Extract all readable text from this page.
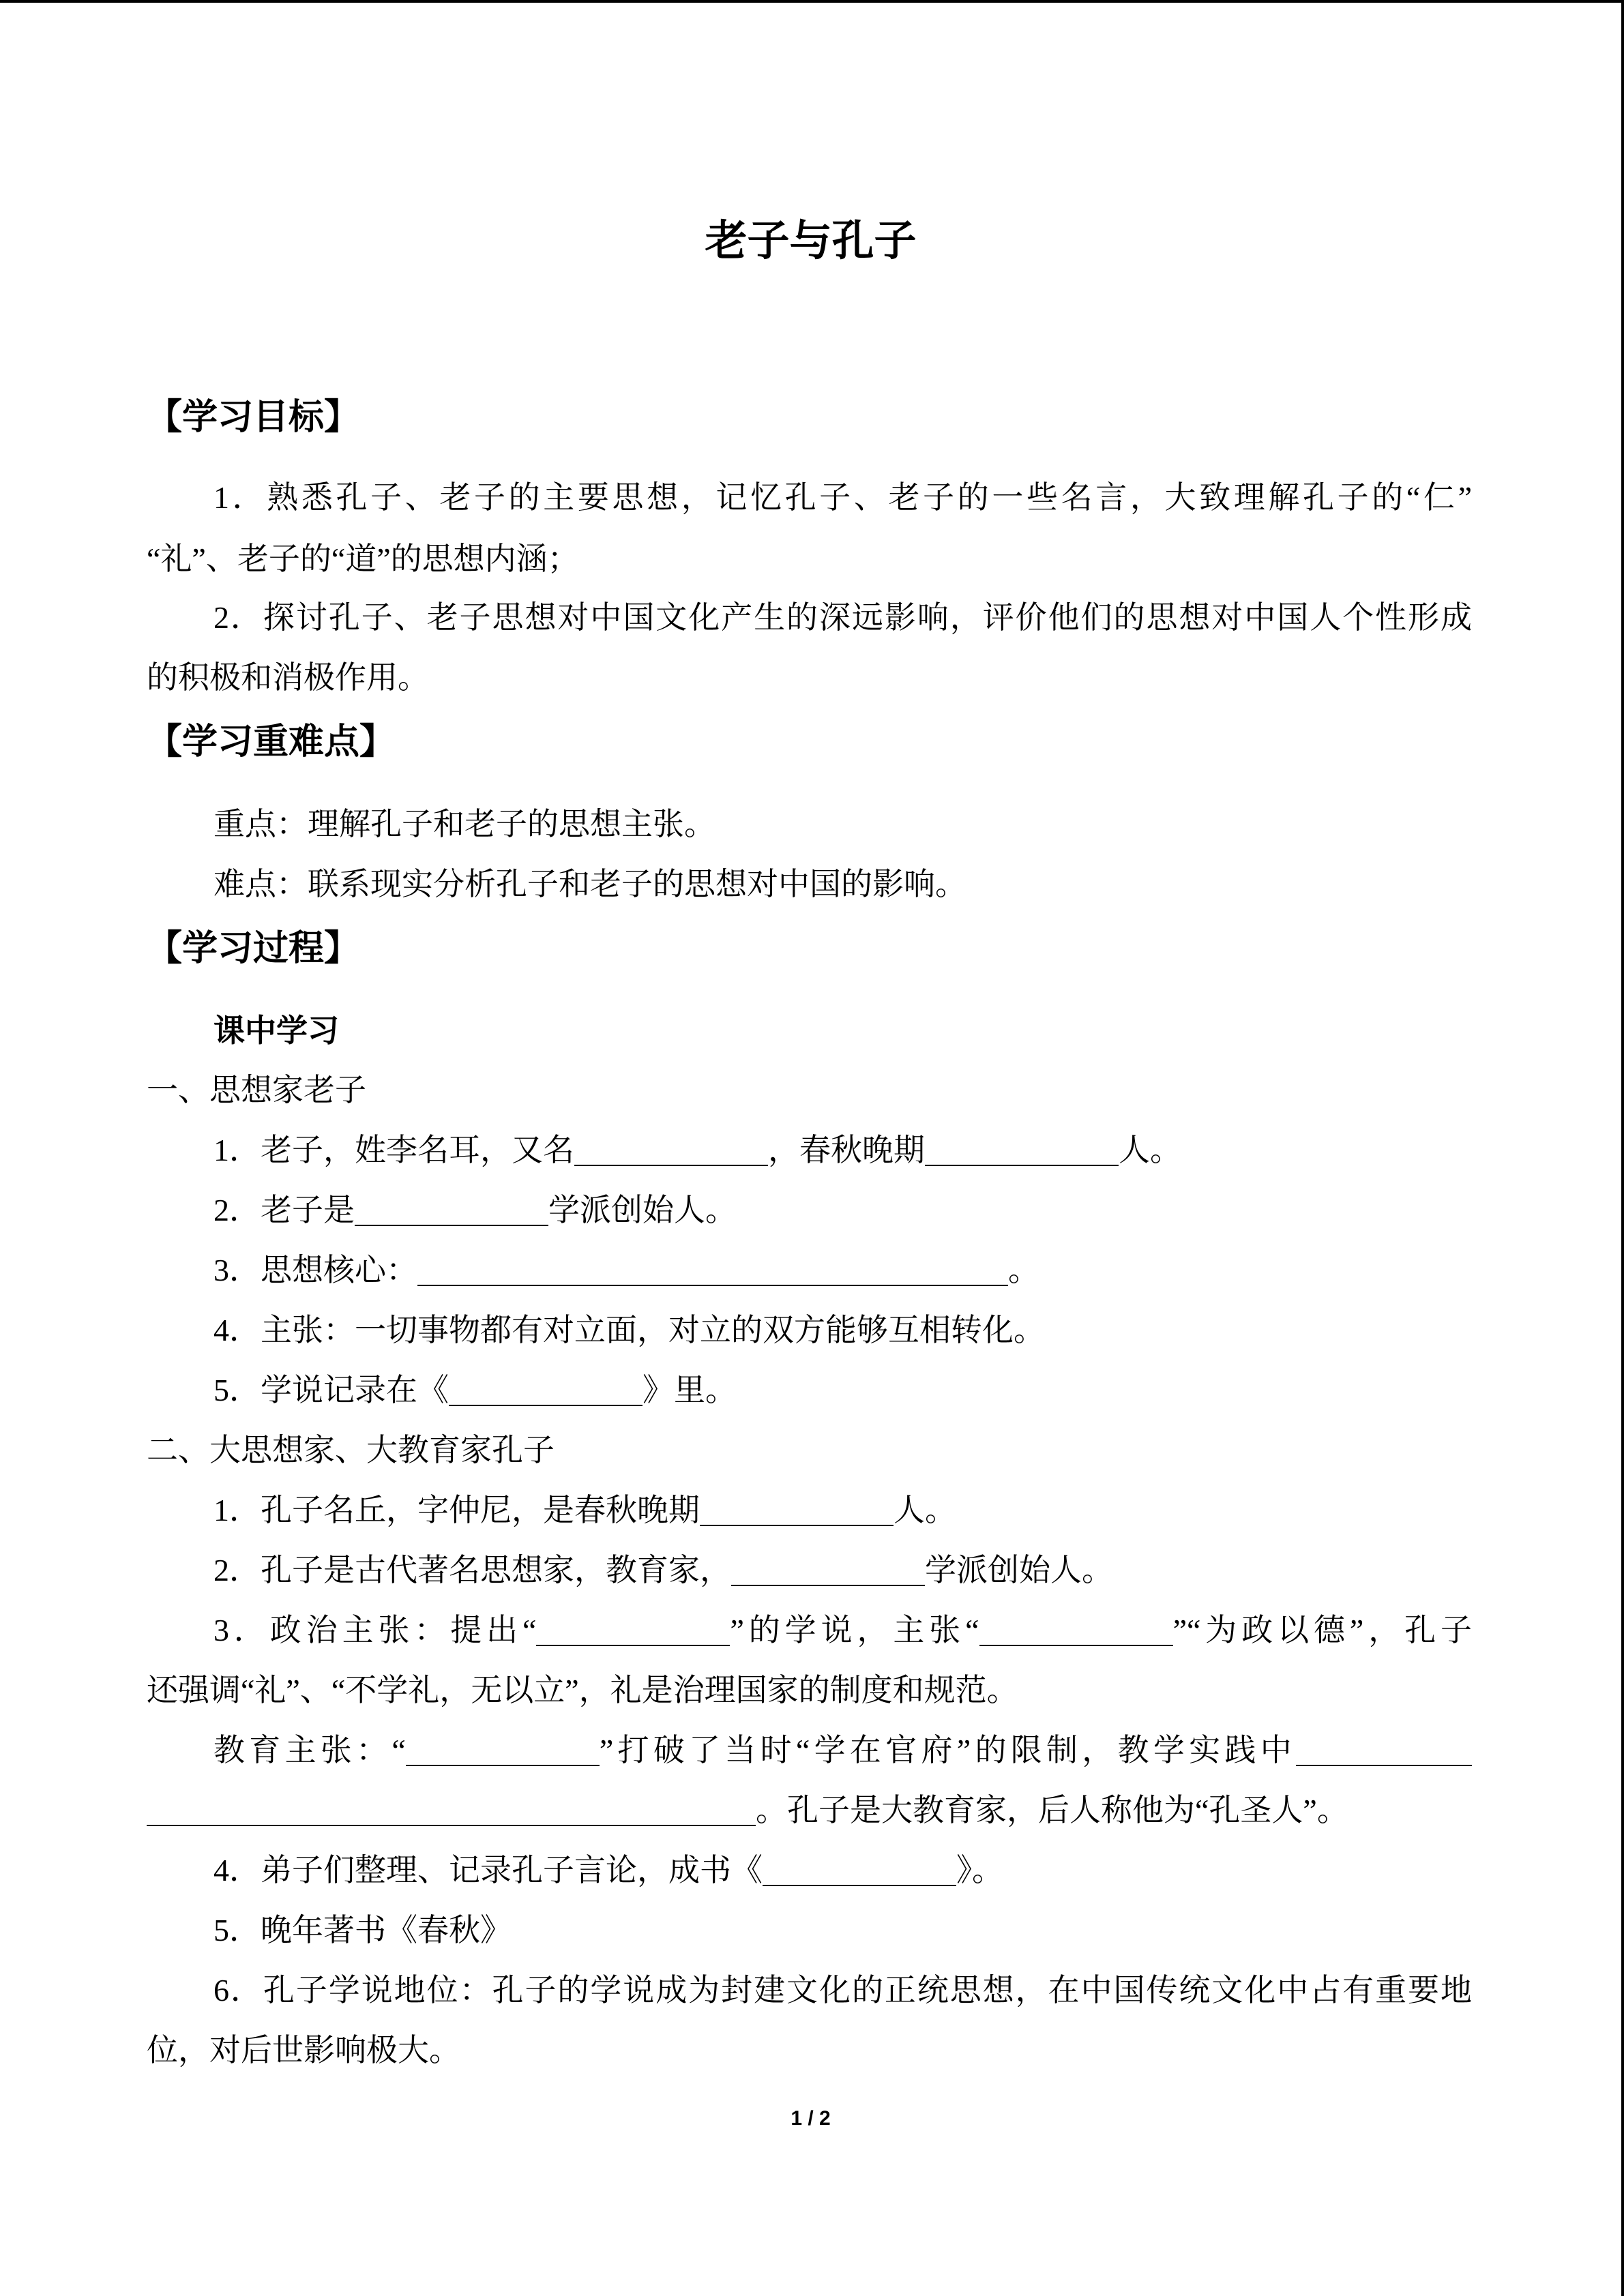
老子与孔子
【学习目标】
1．熟悉孔子、老子的主要思想，记忆孔子、老子的一些名言，大致理解孔子的“仁”
“礼”、老子的“道”的思想内涵；
2．探讨孔子、老子思想对中国文化产生的深远影响，评价他们的思想对中国人个性形成
的积极和消极作用。
【学习重难点】
重点：理解孔子和老子的思想主张。
难点：联系现实分析孔子和老子的思想对中国的影响。
【学习过程】
课中学习
一、思想家老子
1．老子，姓李名耳，又名	，春秋晚期	人。
2．老子是	学派创始人。
3．思想核心：	。
4．主张：一切事物都有对立面，对立的双方能够互相转化。
5．学说记录在《	》里。
二、大思想家、大教育家孔子
1．孔子名丘，字仲尼，是春秋晚期	人。
2．孔子是古代著名思想家，教育家，	学派创始人。
3．政治主张：提出“	”的学说，主张“	”“为政以德”，孔子
还强调“礼”、“不学礼，无以立”，礼是治理国家的制度和规范。
教育主张：“	”打破了当时“学在官府”的限制，教学实践中
。孔子是大教育家，后人称他为“孔圣人”。
4．弟子们整理、记录孔子言论，成书《	》。
5．晚年著书《春秋》
6．孔子学说地位：孔子的学说成为封建文化的正统思想，在中国传统文化中占有重要地
位，对后世影响极大。
1 / 2
